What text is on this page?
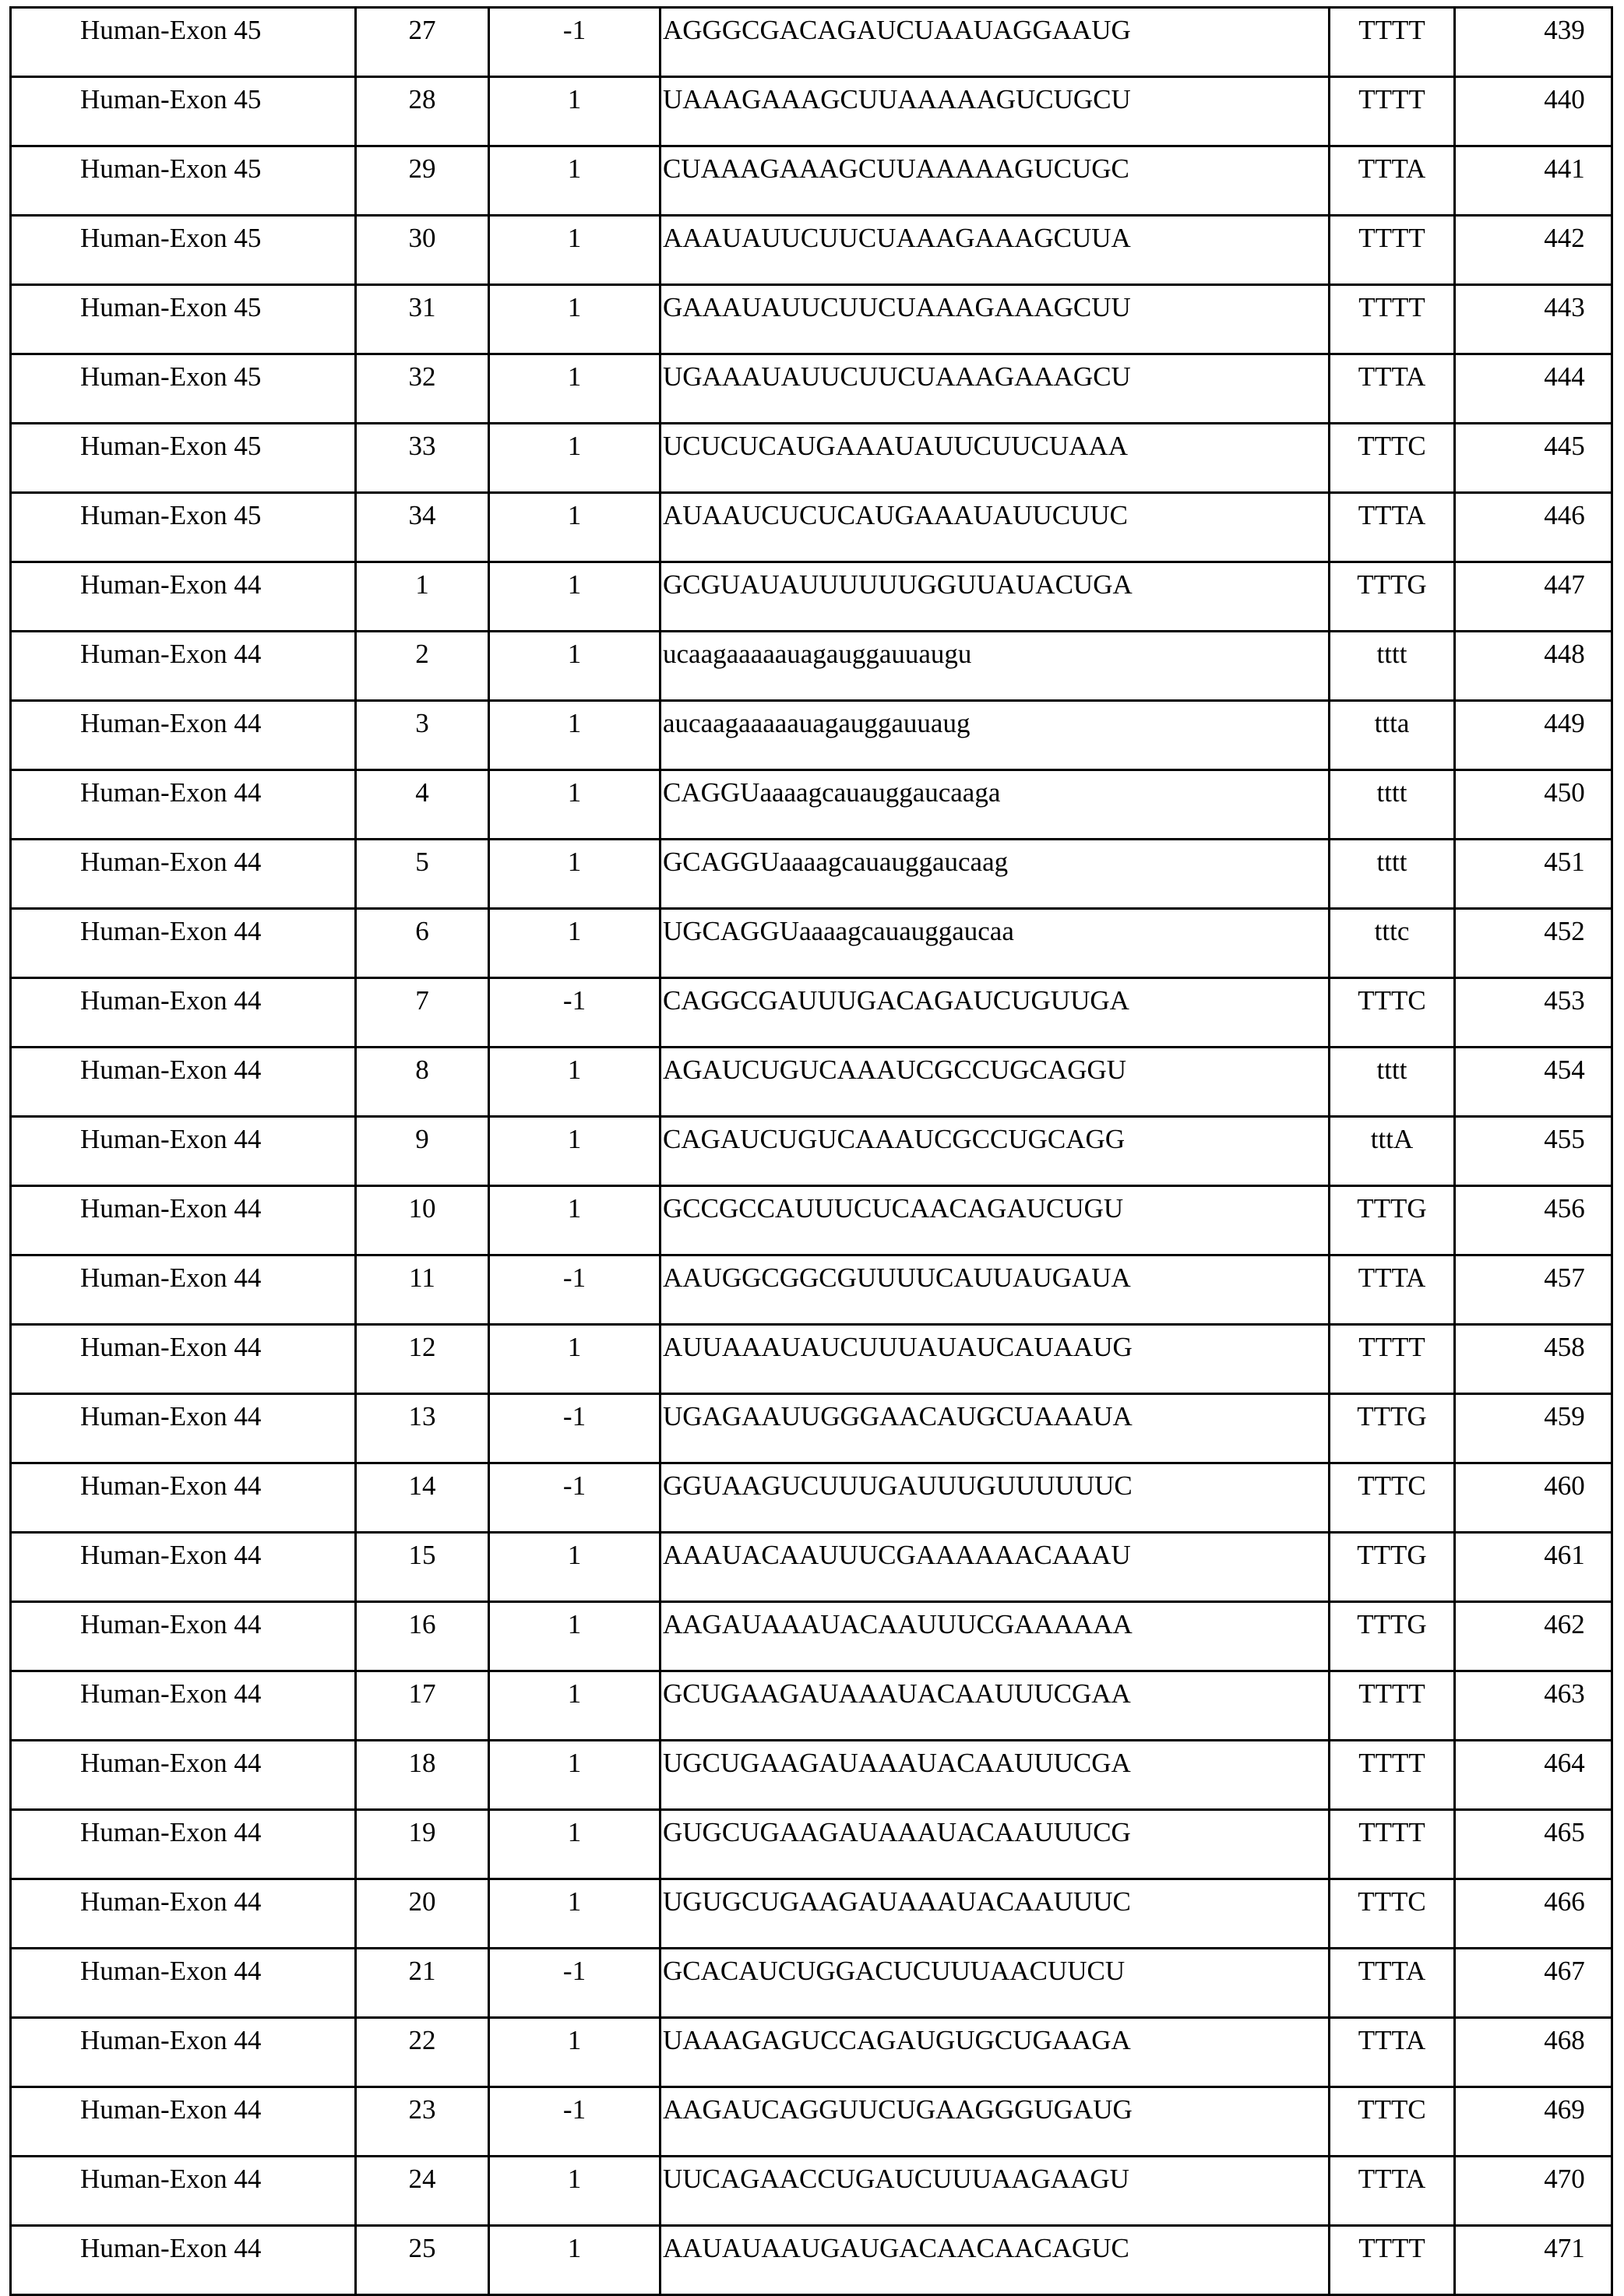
Human-Exon 45	27	-1	AGGGCGACAGAUCUAAUAGGAAUG	TTTT	439
Human-Exon 45	28	1	UAAAGAAAGCUUAAAAAGUCUGCU	TTTT	440
Human-Exon 45	29	1	CUAAAGAAAGCUUAAAAAGUCUGC	TTTA	441
Human-Exon 45	30	1	AAAUAUUCUUCUAAAGAAAGCUUA	TTTT	442
Human-Exon 45	31	1	GAAAUAUUCUUCUAAAGAAAGCUU	TTTT	443
Human-Exon 45	32	1	UGAAAUAUUCUUCUAAAGAAAGCU	TTTA	444
Human-Exon 45	33	1	UCUCUCAUGAAAUAUUCUUCUAAA	TTTC	445
Human-Exon 45	34	1	AUAAUCUCUCAUGAAAUAUUCUUC	TTTA	446
Human-Exon 44	1	1	GCGUAUAUUUUUUGGUUAUACUGA	TTTG	447
Human-Exon 44	2	1	ucaagaaaaauagauggauuaugu	tttt	448
Human-Exon 44	3	1	aucaagaaaaauagauggauuaug	ttta	449
Human-Exon 44	4	1	CAGGUaaaagcauauggaucaaga	tttt	450
Human-Exon 44	5	1	GCAGGUaaaagcauauggaucaag	tttt	451
Human-Exon 44	6	1	UGCAGGUaaaagcauauggaucaa	tttc	452
Human-Exon 44	7	-1	CAGGCGAUUUGACAGAUCUGUUGA	TTTC	453
Human-Exon 44	8	1	AGAUCUGUCAAAUCGCCUGCAGGU	tttt	454
Human-Exon 44	9	1	CAGAUCUGUCAAAUCGCCUGCAGG	tttA	455
Human-Exon 44	10	1	GCCGCCAUUUCUCAACAGAUCUGU	TTTG	456
Human-Exon 44	11	-1	AAUGGCGGCGUUUUCAUUAUGAUA	TTTA	457
Human-Exon 44	12	1	AUUAAAUAUCUUUAUAUCAUAAUG	TTTT	458
Human-Exon 44	13	-1	UGAGAAUUGGGAACAUGCUAAAUA	TTTG	459
Human-Exon 44	14	-1	GGUAAGUCUUUGAUUUGUUUUUUC	TTTC	460
Human-Exon 44	15	1	AAAUACAAUUUCGAAAAAACAAAU	TTTG	461
Human-Exon 44	16	1	AAGAUAAAUACAAUUUCGAAAAAA	TTTG	462
Human-Exon 44	17	1	GCUGAAGAUAAAUACAAUUUCGAA	TTTT	463
Human-Exon 44	18	1	UGCUGAAGAUAAAUACAAUUUCGA	TTTT	464
Human-Exon 44	19	1	GUGCUGAAGAUAAAUACAAUUUCG	TTTT	465
Human-Exon 44	20	1	UGUGCUGAAGAUAAAUACAAUUUC	TTTC	466
Human-Exon 44	21	-1	GCACAUCUGGACUCUUUAACUUCU	TTTA	467
Human-Exon 44	22	1	UAAAGAGUCCAGAUGUGCUGAAGA	TTTA	468
Human-Exon 44	23	-1	AAGAUCAGGUUCUGAAGGGUGAUG	TTTC	469
Human-Exon 44	24	1	UUCAGAACCUGAUCUUUAAGAAGU	TTTA	470
Human-Exon 44	25	1	AAUAUAAUGAUGACAACAACAGUC	TTTT	471
